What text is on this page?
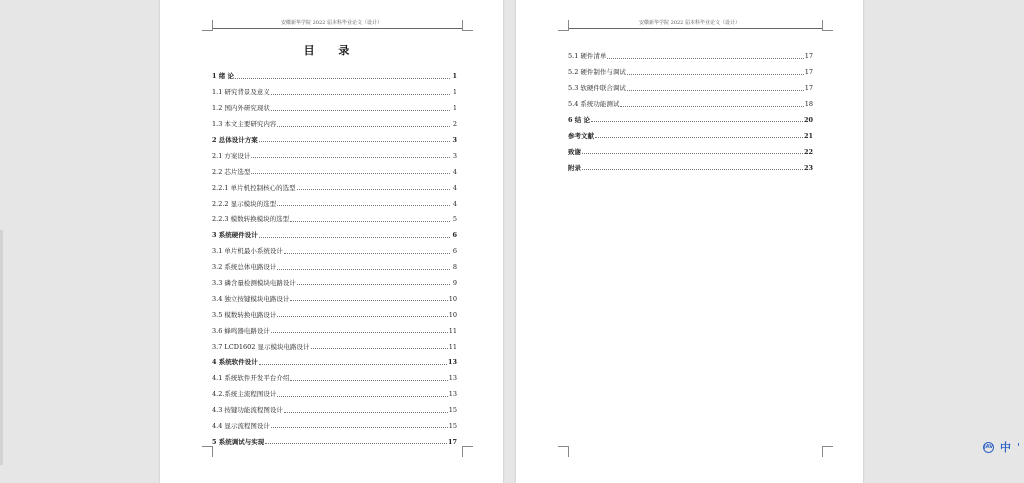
安徽新华学院 2022 届本科毕业论文（设计）
目 录
1 绪 论	1
1.1 研究背景及意义	1
1.2 国内外研究现状	1
1.3 本文主要研究内容	2
2 总体设计方案	3
2.1 方案设计	3
2.2 芯片选型	4
2.2.1 单片机控制核心的选型	4
2.2.2 显示模块的选型	4
2.2.3 模数转换模块的选型	5
3 系统硬件设计	6
3.1 单片机最小系统设计	6
3.2 系统总体电路设计	8
3.3 磷含量检测模块电路设计	9
3.4 独立按键模块电路设计	10
3.5 模数转换电路设计	10
3.6 蜂鸣器电路设计	11
3.7 LCD1602 显示模块电路设计	11
4 系统软件设计	13
4.1 系统软件开发平台介绍	13
4.2.系统主流程图设计	13
4.3 按键功能流程图设计	15
4.4 显示流程图设计	15
5 系统调试与实现	17
安徽新华学院 2022 届本科毕业论文（设计）
5.1 硬件清单	17
5.2 硬件制作与调试	17
5.3 软硬件联合调试	17
5.4 系统功能测试	18
6 结 论	20
参考文献	21
致谢	22
附录	23
JAV 中 '
